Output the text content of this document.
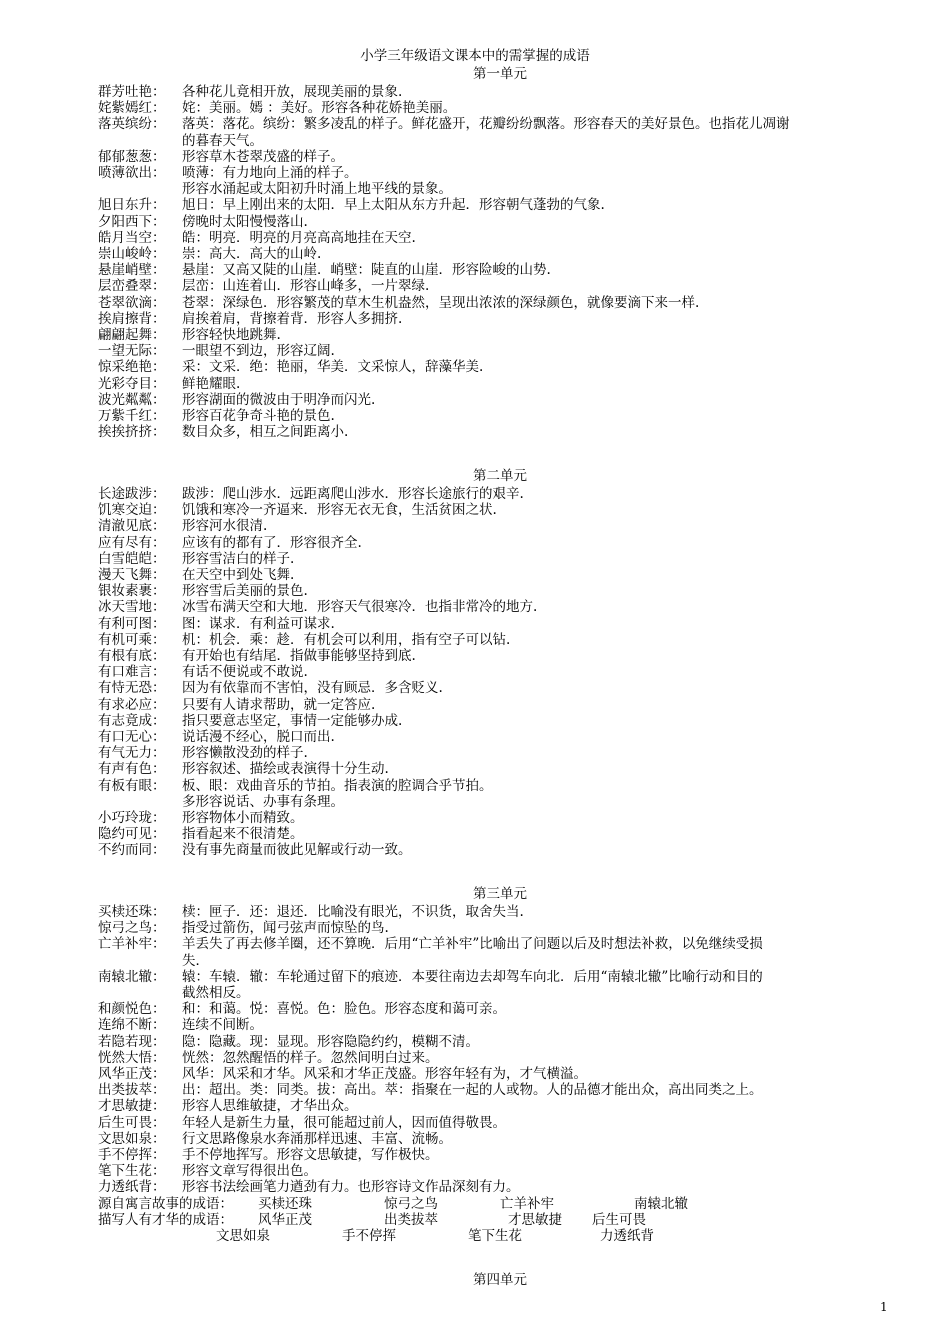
小学三年级语文课本中的需掌握的成语
第一单元
群芳吐艳： 各种花儿竟相开放，展现美丽的景象.
姹紫嫣红： 姹：美丽。嫣 ：美好。形容各种花娇艳美丽。
落英缤纷： 落英：落花。缤纷：繁多凌乱的样子。鲜花盛开，花瓣纷纷飘落。形容春天的美好景色。也指花儿凋谢
的暮春天气。
郁郁葱葱： 形容草木苍翠茂盛的样子。
喷薄欲出： 喷薄：有力地向上涌的样子。
形容水涌起或太阳初升时涌上地平线的景象。
旭日东升： 旭日：早上刚出来的太阳．早上太阳从东方升起．形容朝气蓬勃的气象.
夕阳西下： 傍晚时太阳慢慢落山.
皓月当空： 皓：明亮．明亮的月亮高高地挂在天空.
崇山峻岭： 崇：高大．高大的山岭.
悬崖峭壁： 悬崖：又高又陡的山崖．峭壁：陡直的山崖．形容险峻的山势.
层峦叠翠： 层峦：山连着山．形容山峰多，一片翠绿.
苍翠欲滴： 苍翠：深绿色．形容繁茂的草木生机盎然，呈现出浓浓的深绿颜色，就像要滴下来一样.
挨肩擦背： 肩挨着肩，背擦着背．形容人多拥挤.
翩翩起舞： 形容轻快地跳舞.
一望无际： 一眼望不到边，形容辽阔.
惊采绝艳： 采：文采．绝：艳丽，华美．文采惊人，辞藻华美.
光彩夺目： 鲜艳耀眼.
波光粼粼： 形容湖面的微波由于明净而闪光.
万紫千红： 形容百花争奇斗艳的景色.
挨挨挤挤： 数目众多，相互之间距离小.
第二单元
长途跋涉： 跋涉：爬山涉水．远距离爬山涉水．形容长途旅行的艰辛.
饥寒交迫： 饥饿和寒冷一齐逼来．形容无衣无食，生活贫困之状.
清澈见底： 形容河水很清.
应有尽有： 应该有的都有了．形容很齐全.
白雪皑皑： 形容雪洁白的样子.
漫天飞舞： 在天空中到处飞舞.
银妆素裹： 形容雪后美丽的景色.
冰天雪地： 冰雪布满天空和大地．形容天气很寒冷．也指非常冷的地方.
有利可图： 图：谋求．有利益可谋求.
有机可乘： 机：机会．乘：趁．有机会可以利用，指有空子可以钻.
有根有底： 有开始也有结尾．指做事能够坚持到底.
有口难言： 有话不便说或不敢说.
有恃无恐： 因为有依靠而不害怕，没有顾忌．多含贬义.
有求必应： 只要有人请求帮助，就一定答应.
有志竟成： 指只要意志坚定，事情一定能够办成.
有口无心： 说话漫不经心，脱口而出.
有气无力： 形容懒散没劲的样子.
有声有色： 形容叙述、描绘或表演得十分生动.
有板有眼： 板、眼：戏曲音乐的节拍。指表演的腔调合乎节拍。
多形容说话、办事有条理。
小巧玲珑： 形容物体小而精致。
隐约可见： 指看起来不很清楚。
不约而同： 没有事先商量而彼此见解或行动一致。
第三单元
买椟还珠： 椟：匣子．还：退还．比喻没有眼光，不识货，取舍失当.
惊弓之鸟： 指受过箭伤，闻弓弦声而惊坠的鸟.
亡羊补牢： 羊丢失了再去修羊圈，还不算晚．后用“亡羊补牢”比喻出了问题以后及时想法补救，以免继续受损
失．
南辕北辙： 辕：车辕．辙：车轮通过留下的痕迹．本要往南边去却驾车向北．后用“南辕北辙”比喻行动和目的
截然相反。
和颜悦色： 和：和蔼。悦：喜悦。色：脸色。形容态度和蔼可亲。
连绵不断： 连续不间断。
若隐若现： 隐：隐藏。现：显现。形容隐隐约约，模糊不清。
恍然大悟： 恍然：忽然醒悟的样子。忽然间明白过来。
风华正茂： 风华：风采和才华。风采和才华正茂盛。形容年轻有为，才气横溢。
出类拔萃： 出：超出。类：同类。拔：高出。萃：指聚在一起的人或物。人的品德才能出众，高出同类之上。
才思敏捷： 形容人思维敏捷，才华出众。
后生可畏： 年轻人是新生力量，很可能超过前人，因而值得敬畏。
文思如泉： 行文思路像泉水奔涌那样迅速、丰富、流畅。
手不停挥： 手不停地挥写。形容文思敏捷，写作极快。
笔下生花： 形容文章写得很出色。
力透纸背： 形容书法绘画笔力遒劲有力。也形容诗文作品深刻有力。
源自寓言故事的成语： 买椟还珠	惊弓之鸟	亡羊补牢	南辕北辙
描写人有才华的成语： 风华正茂	出类拔萃	才思敏捷 后生可畏
文思如泉	手不停挥	笔下生花	力透纸背
第四单元
1
